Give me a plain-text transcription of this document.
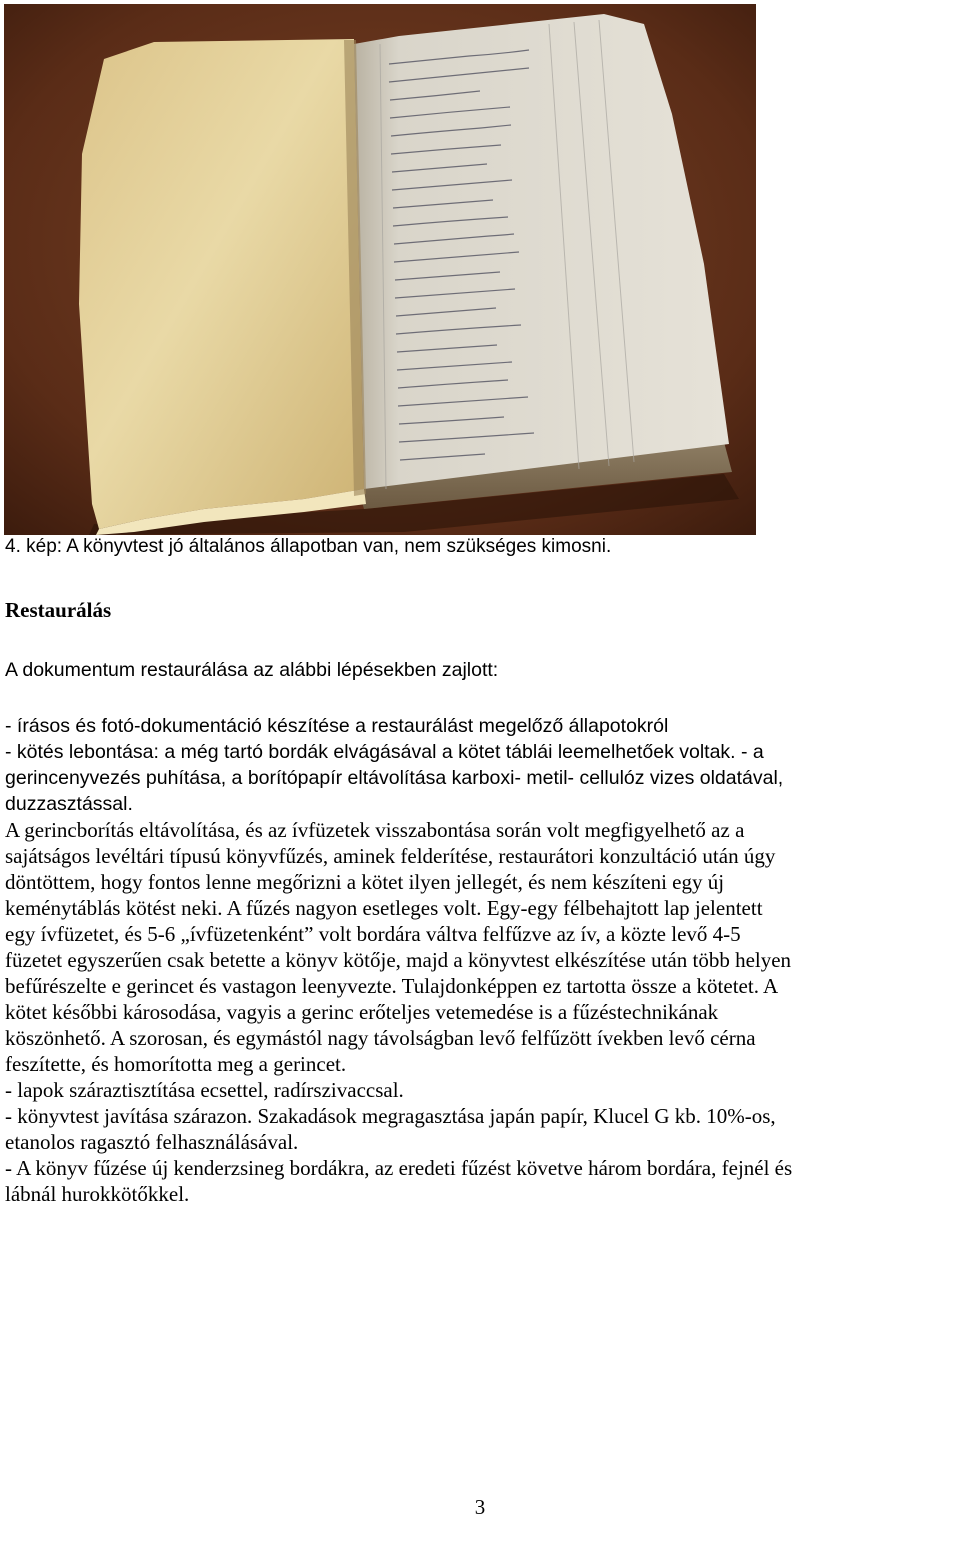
4. kép: A könyvtest jó általános állapotban van, nem szükséges kimosni.
Restaurálás
A dokumentum restaurálása az alábbi lépésekben zajlott:
- írásos és fotó-dokumentáció készítése a restaurálást megelőző állapotokról
- kötés lebontása: a még tartó bordák elvágásával a kötet táblái leemelhetőek voltak. - a
gerincenyvezés puhítása, a borítópapír eltávolítása karboxi- metil- cellulóz vizes oldatával,
duzzasztással.
A gerincborítás eltávolítása, és az ívfüzetek visszabontása során volt megfigyelhető az a
sajátságos levéltári típusú könyvfűzés, aminek felderítése, restaurátori konzultáció után úgy
döntöttem, hogy fontos lenne megőrizni a kötet ilyen jellegét, és nem készíteni egy új
keménytáblás kötést neki. A fűzés nagyon esetleges volt. Egy-egy félbehajtott lap jelentett
egy ívfüzetet, és 5-6 „ívfüzetenként” volt bordára váltva felfűzve az ív, a közte levő 4-5
füzetet egyszerűen csak betette a könyv kötője, majd a könyvtest elkészítése után több helyen
befűrészelte e gerincet és vastagon leenyvezte. Tulajdonképpen ez tartotta össze a kötetet. A
kötet későbbi károsodása, vagyis a gerinc erőteljes vetemedése is a fűzéstechnikának
köszönhető. A szorosan, és egymástól nagy távolságban levő felfűzött ívekben levő cérna
feszítette, és homorította meg a gerincet.
- lapok száraztisztítása ecsettel, radírszivaccsal.
- könyvtest javítása szárazon. Szakadások megragasztása japán papír, Klucel G kb. 10%-os,
etanolos ragasztó felhasználásával.
- A könyv fűzése új kenderzsineg bordákra, az eredeti fűzést követve három bordára, fejnél és
lábnál hurokkötőkkel.
3
